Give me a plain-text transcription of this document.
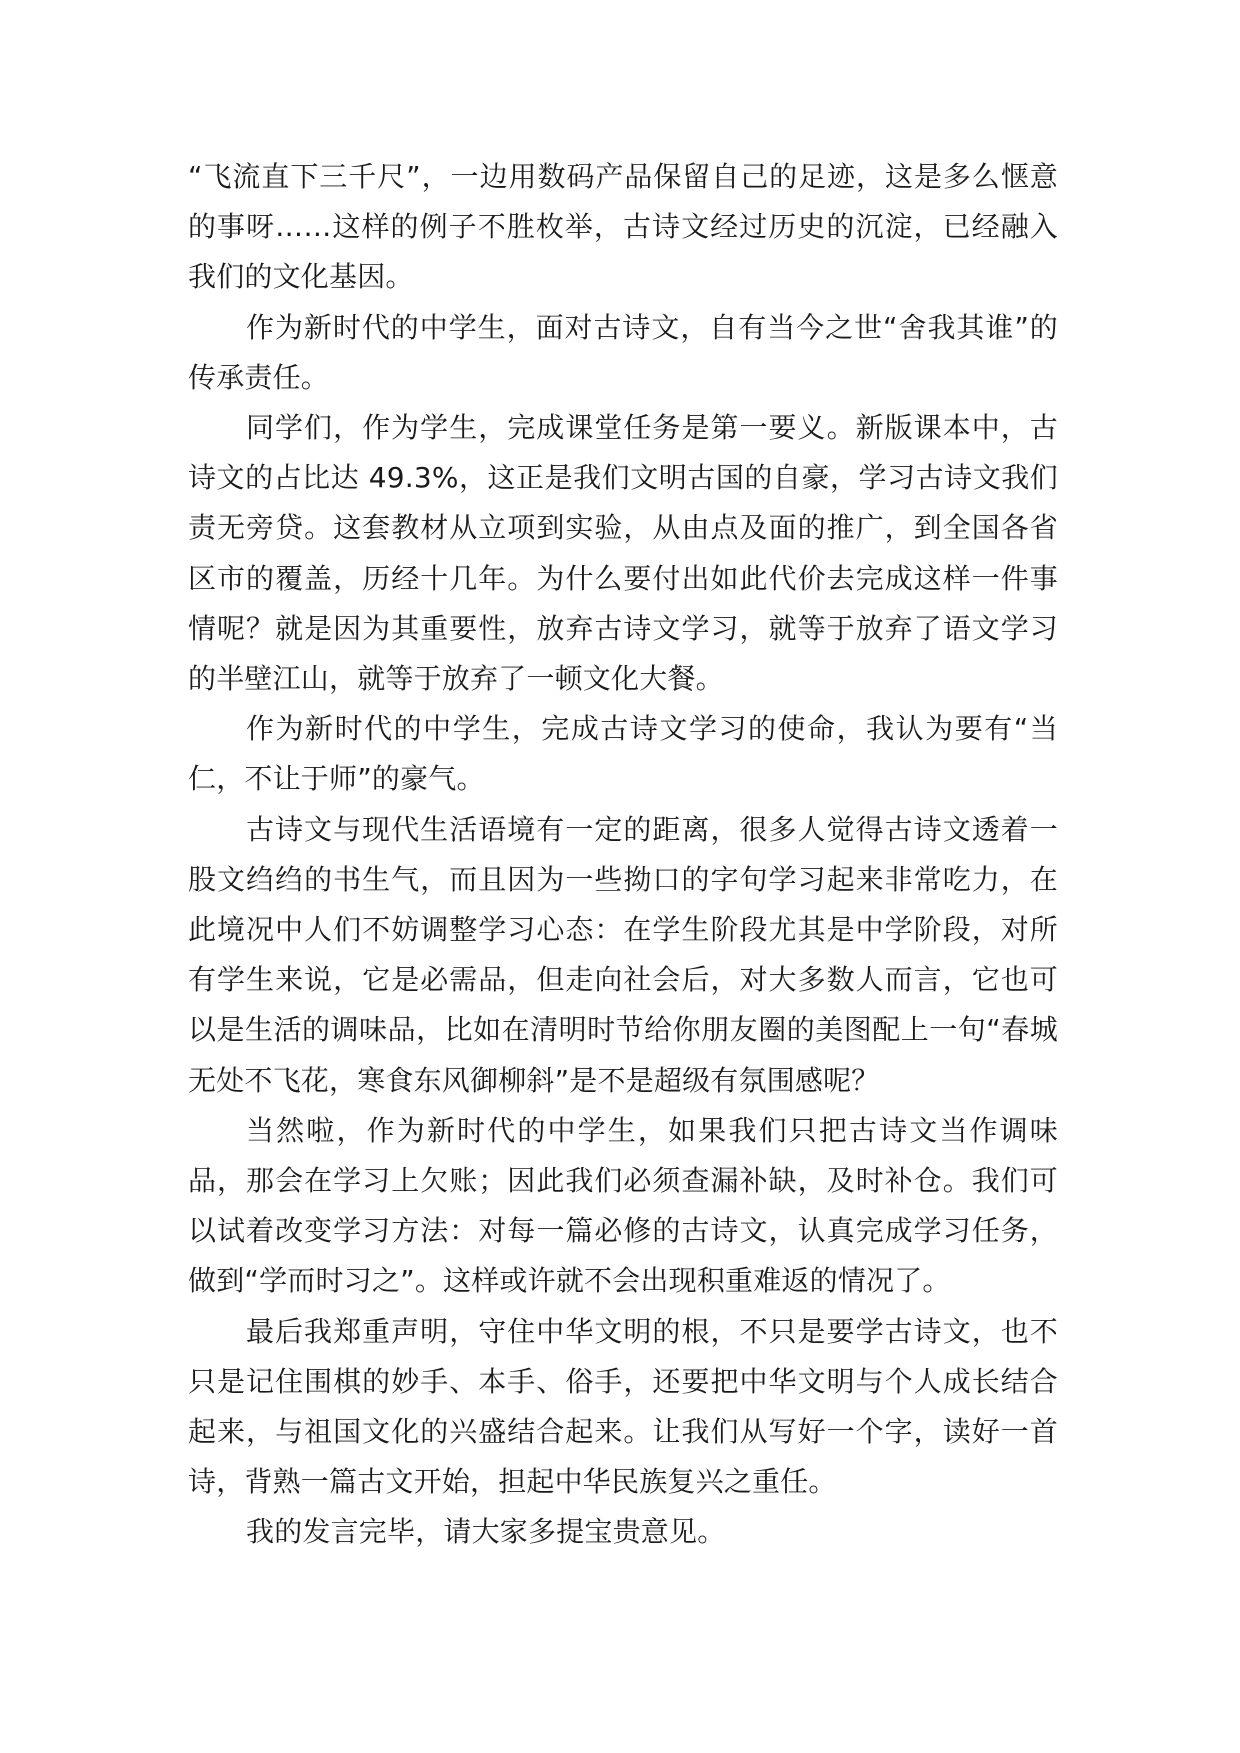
“飞流直下三千尺”，一边用数码产品保留自己的足迹，这是多么惬意的事呀……这样的例子不胜枚举，古诗文经过历史的沉淀，已经融入我们的文化基因。

作为新时代的中学生，面对古诗文，自有当今之世“舍我其谁”的传承责任。

同学们，作为学生，完成课堂任务是第一要义。新版课本中，古诗文的占比达 49.3%，这正是我们文明古国的自豪，学习古诗文我们责无旁贷。这套教材从立项到实验，从由点及面的推广，到全国各省区市的覆盖，历经十几年。为什么要付出如此代价去完成这样一件事情呢？就是因为其重要性，放弃古诗文学习，就等于放弃了语文学习的半壁江山，就等于放弃了一顿文化大餐。

作为新时代的中学生，完成古诗文学习的使命，我认为要有“当仁，不让于师”的豪气。

古诗文与现代生活语境有一定的距离，很多人觉得古诗文透着一股文绉绉的书生气，而且因为一些拗口的字句学习起来非常吃力，在此境况中人们不妨调整学习心态：在学生阶段尤其是中学阶段，对所有学生来说，它是必需品，但走向社会后，对大多数人而言，它也可以是生活的调味品，比如在清明时节给你朋友圈的美图配上一句“春城无处不飞花，寒食东风御柳斜”是不是超级有氛围感呢？

当然啦，作为新时代的中学生，如果我们只把古诗文当作调味品，那会在学习上欠账；因此我们必须查漏补缺，及时补仓。我们可以试着改变学习方法：对每一篇必修的古诗文，认真完成学习任务，做到“学而时习之”。这样或许就不会出现积重难返的情况了。

最后我郑重声明，守住中华文明的根，不只是要学古诗文，也不只是记住围棋的妙手、本手、俗手，还要把中华文明与个人成长结合起来，与祖国文化的兴盛结合起来。让我们从写好一个字，读好一首诗，背熟一篇古文开始，担起中华民族复兴之重任。

我的发言完毕，请大家多提宝贵意见。
